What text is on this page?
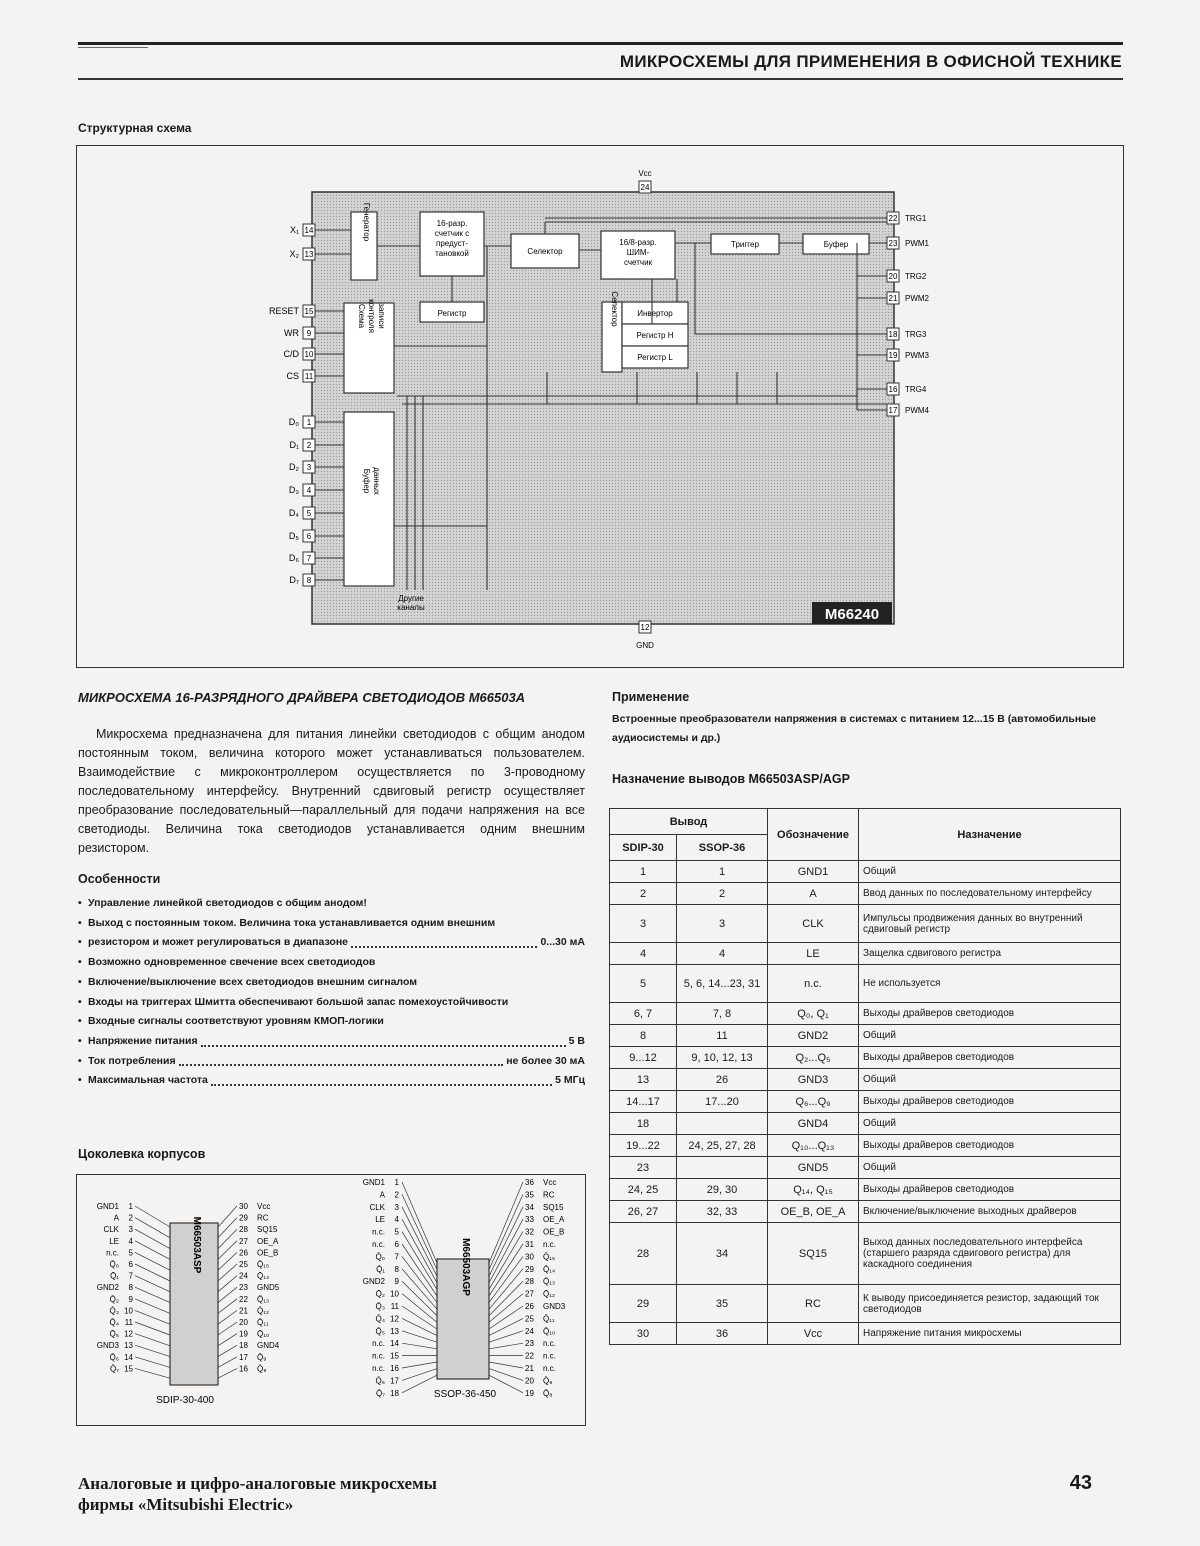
МИКРОСХЕМЫ ДЛЯ ПРИМЕНЕНИЯ В ОФИСНОЙ ТЕХНИКЕ
Структурная схема
14
X₁
13
X₂
15
RESET
9
WR
10
C/D
11
CS
1
D₀
2
D₁
3
D₂
4
D₃
5
D₄
6
D₅
7
D₆
8
D₇
22 TRG1
23 PWM1
20 TRG2
21 PWM2
18 TRG3
19 PWM3
16 TRG4
17 PWM4
24
Vcc
12
GND
Генератор	16-разр.
счетчик с
предуст-
тановкой
Регистр
Схема контроля записи
Буфер данных
Селектор
16/8-разр.
ШИМ-
счетчик
Селектор Инвертор
Регистр H
Регистр L
Триггер	Буфер
Другие
каналы	M66240
МИКРОСХЕМА 16-РАЗРЯДНОГО ДРАЙВЕРА СВЕТОДИОДОВ M66503A
Микросхема предназначена для питания линейки светодиодов с общим анодом постоянным током, величина которого может устанавливаться пользователем. Взаимодействие с микроконтроллером осуществляется по 3-проводному последовательному интерфейсу. Внутренний сдвиговый регистр осуществляет преобразование последовательный—параллельный для подачи напряжения на все светодиоды. Величина тока светодиодов устанавливается одним внешним резистором.
Особенности
• Управление линейкой светодиодов с общим анодом!
• Выход с постоянным током. Величина тока устанавливается одним внешним
• резистором и может регулироваться в диапазоне	0...30 мА
• Возможно одновременное свечение всех светодиодов
• Включение/выключение всех светодиодов внешним сигналом
• Входы на триггерах Шмитта обеспечивают большой запас помехоустойчивости
• Входные сигналы соответствуют уровням КМОП-логики
• Напряжение питания	5 В
• Ток потребления	не более 30 мА
• Максимальная частота	5 МГц
Цоколевка корпусов
M66503ASP
GND1 1
A 2
CLK 3
LE 4
n.c. 5
Q̄₀ 6
Q̄₁ 7
GND2 8
Q̄₂ 9
Q̄₃ 10
Q̄₄ 11
Q̄₅ 12
GND3 13
Q̄₆ 14
Q̄₇ 15
30 Vcc
29 RC
28 SQ15
27 OE_A
26 OE_B
25 Q̄₁₅
24 Q̄₁₄
23 GND5
22 Q̄₁₃
21 Q̄₁₂
20 Q̄₁₁
19 Q̄₁₀
18 GND4
17 Q̄₉
16 Q̄₈
SDIP-30-400
M66503AGP
GND1 1
A 2
CLK 3
LE 4
n.c. 5
n.c. 6
Q̄₀ 7
Q̄₁ 8
GND2 9
Q̄₂ 10
Q̄₃ 11
Q̄₄ 12
Q̄₅ 13
n.c. 14
n.c. 15
n.c. 16
Q̄₆ 17
Q̄₇ 18
36 Vcc
35 RC
34 SQ15
33 OE_A
32 OE_B
31 n.c.
30 Q̄₁₅
29 Q̄₁₄
28 Q̄₁₃
27 Q̄₁₂
26 GND3
25 Q̄₁₁
24 Q̄₁₀
23 n.c.
22 n.c.
21 n.c.
20 Q̄₉
19 Q̄₈
SSOP-36-450
Применение
Встроенные преобразователи напряжения в системах с питанием 12...15 В (автомобильные аудиосистемы и др.)
Назначение выводов M66503ASP/AGP
Вывод		Обозначение	Назначение
SDIP-30	SSOP-36		
1	1	GND1	Общий
2	2	A	Ввод данных по последовательному интерфейсу
3	3	CLK	Импульсы продвижения данных во внутренний сдвиговый регистр
4	4	LE	Защелка сдвигового регистра
5	5, 6, 14...23, 31	n.c.	Не используется
6, 7	7, 8	Q₀, Q₁	Выходы драйверов светодиодов
8	11	GND2	Общий
9...12	9, 10, 12, 13	Q₂...Q₅	Выходы драйверов светодиодов
13	26	GND3	Общий
14...17	17...20	Q₆...Q₉	Выходы драйверов светодиодов
18		GND4	Общий
19...22	24, 25, 27, 28	Q₁₀...Q₁₃	Выходы драйверов светодиодов
23		GND5	Общий
24, 25	29, 30	Q₁₄, Q₁₅	Выходы драйверов светодиодов
26, 27	32, 33	OE_B, OE_A	Включение/выключение выходных драйверов
28	34	SQ15	Выход данных последовательного интерфейса (старшего разряда сдвигового регистра) для каскадного соединения
29	35	RC	К выводу присоединяется резистор, задающий ток светодиодов
30	36	Vcc	Напряжение питания микросхемы
Аналоговые и цифро-аналоговые микросхемы
фирмы «Mitsubishi Electric»
43
